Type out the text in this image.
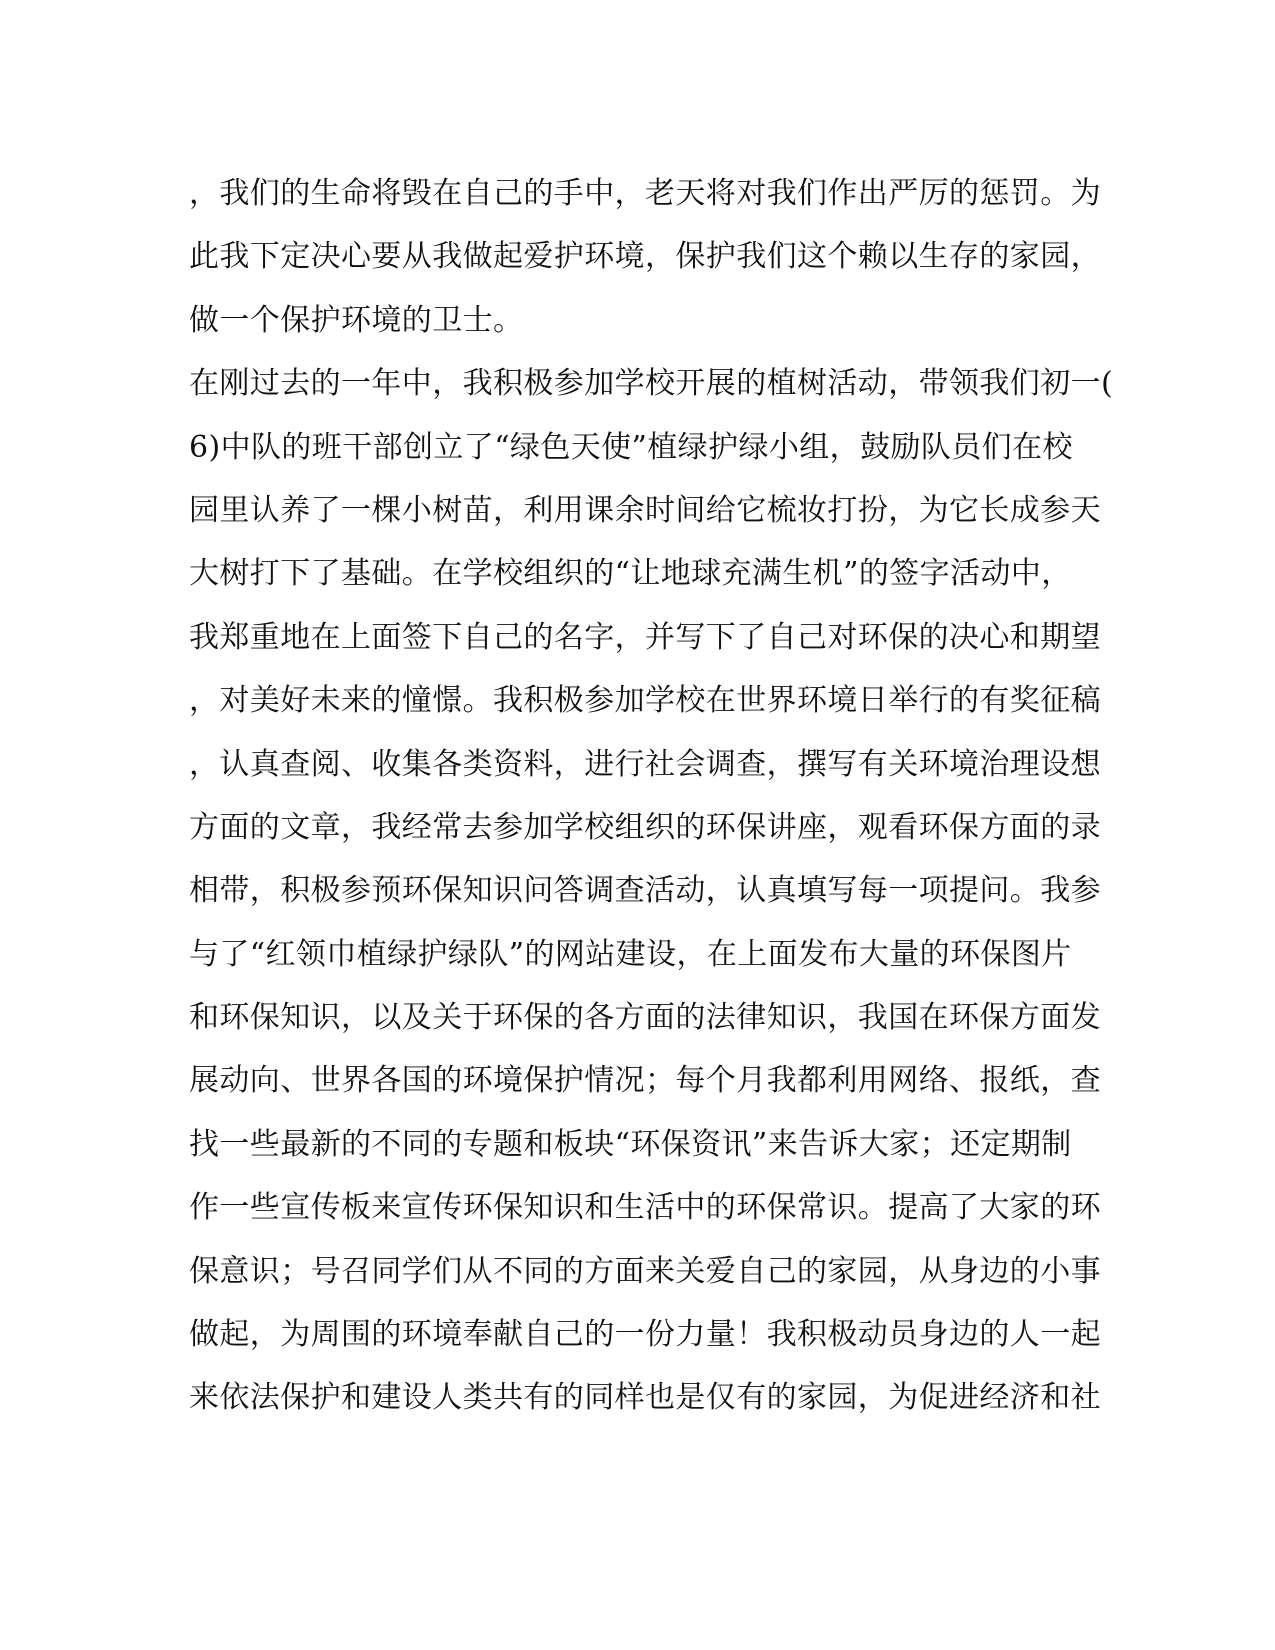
，我们的生命将毁在自己的手中，老天将对我们作出严厉的惩罚。为
此我下定决心要从我做起爱护环境，保护我们这个赖以生存的家园，
做一个保护环境的卫士。
在刚过去的一年中，我积极参加学校开展的植树活动，带领我们初一(
6)中队的班干部创立了“绿色天使”植绿护绿小组，鼓励队员们在校
园里认养了一棵小树苗，利用课余时间给它梳妆打扮，为它长成参天
大树打下了基础。在学校组织的“让地球充满生机”的签字活动中，
我郑重地在上面签下自己的名字，并写下了自己对环保的决心和期望
，对美好未来的憧憬。我积极参加学校在世界环境日举行的有奖征稿
，认真查阅、收集各类资料，进行社会调查，撰写有关环境治理设想
方面的文章，我经常去参加学校组织的环保讲座，观看环保方面的录
相带，积极参预环保知识问答调查活动，认真填写每一项提问。我参
与了“红领巾植绿护绿队”的网站建设，在上面发布大量的环保图片
和环保知识，以及关于环保的各方面的法律知识，我国在环保方面发
展动向、世界各国的环境保护情况；每个月我都利用网络、报纸，查
找一些最新的不同的专题和板块“环保资讯”来告诉大家；还定期制
作一些宣传板来宣传环保知识和生活中的环保常识。提高了大家的环
保意识；号召同学们从不同的方面来关爱自己的家园，从身边的小事
做起，为周围的环境奉献自己的一份力量！我积极动员身边的人一起
来依法保护和建设人类共有的同样也是仅有的家园，为促进经济和社
